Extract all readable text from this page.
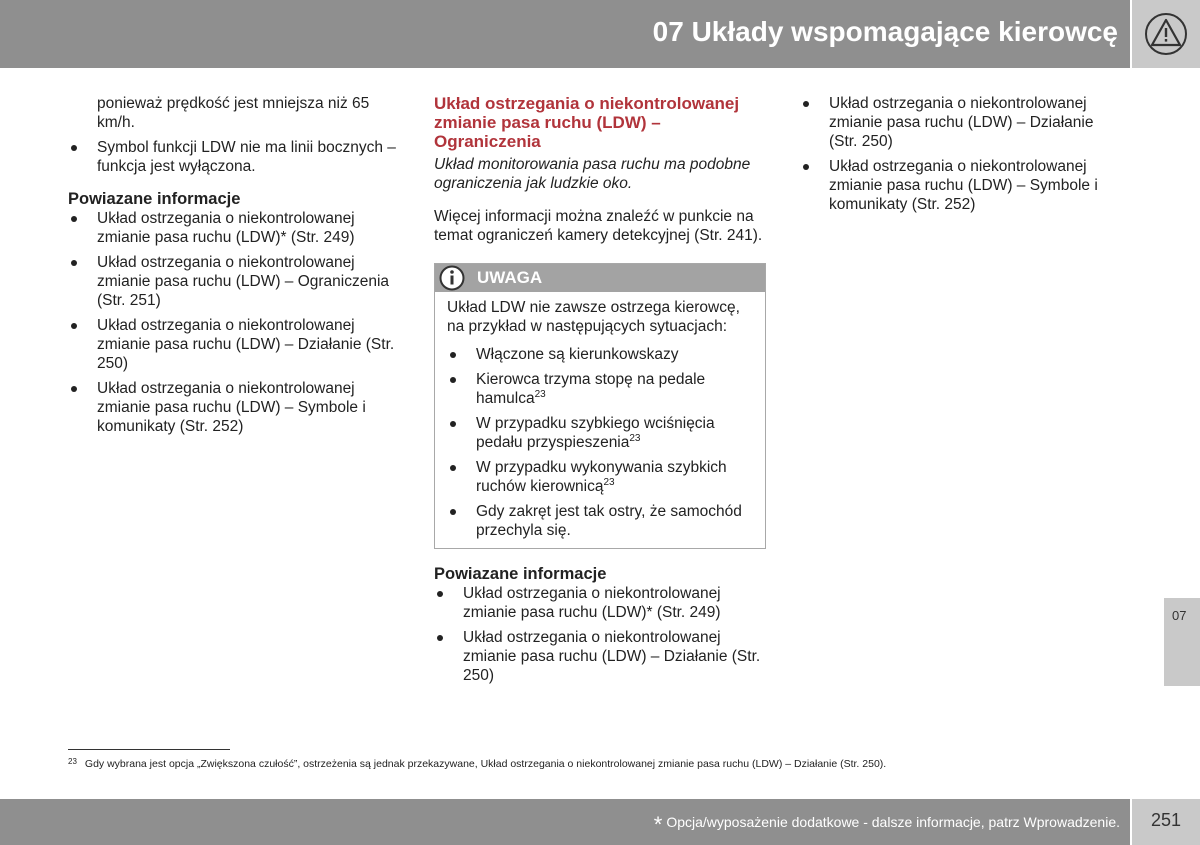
07 Układy wspomagające kierowcę

ponieważ prędkość jest mniejsza niż 65 km/h.

Symbol funkcji LDW nie ma linii bocznych – funkcja jest wyłączona.
Powiazane informacje
Układ ostrzegania o niekontrolowanej zmianie pasa ruchu (LDW)* (Str. 249)
Układ ostrzegania o niekontrolowanej zmianie pasa ruchu (LDW) – Ograniczenia (Str. 251)
Układ ostrzegania o niekontrolowanej zmianie pasa ruchu (LDW) – Działanie (Str. 250)
Układ ostrzegania o niekontrolowanej zmianie pasa ruchu (LDW) – Symbole i komunikaty (Str. 252)
Układ ostrzegania o niekontrolowanej zmianie pasa ruchu (LDW) – Ograniczenia

Układ monitorowania pasa ruchu ma podobne ograniczenia jak ludzkie oko.

Więcej informacji można znaleźć w punkcie na temat ograniczeń kamery detekcyjnej (Str. 241).

UWAGA

Układ LDW nie zawsze ostrzega kierowcę, na przykład w następujących sytuacjach:

Włączone są kierunkowskazy
Kierowca trzyma stopę na pedale hamulca$^{23}$
W przypadku szybkiego wciśnięcia pedału przyspieszenia$^{23}$
W przypadku wykonywania szybkich ruchów kierownicą$^{23}$
Gdy zakręt jest tak ostry, że samochód przechyla się.
Powiazane informacje
Układ ostrzegania o niekontrolowanej zmianie pasa ruchu (LDW)* (Str. 249)
Układ ostrzegania o niekontrolowanej zmianie pasa ruchu (LDW) – Działanie (Str. 250)
Układ ostrzegania o niekontrolowanej zmianie pasa ruchu (LDW) – Działanie (Str. 250)
Układ ostrzegania o niekontrolowanej zmianie pasa ruchu (LDW) – Symbole i komunikaty (Str. 252)
$^{23}$ Gdy wybrana jest opcja „Zwiększona czułość”, ostrzeżenia są jednak przekazywane, Układ ostrzegania o niekontrolowanej zmianie pasa ruchu (LDW) – Działanie (Str. 250).
07
* Opcja/wyposażenie dodatkowe - dalsze informacje, patrz Wprowadzenie.	251
